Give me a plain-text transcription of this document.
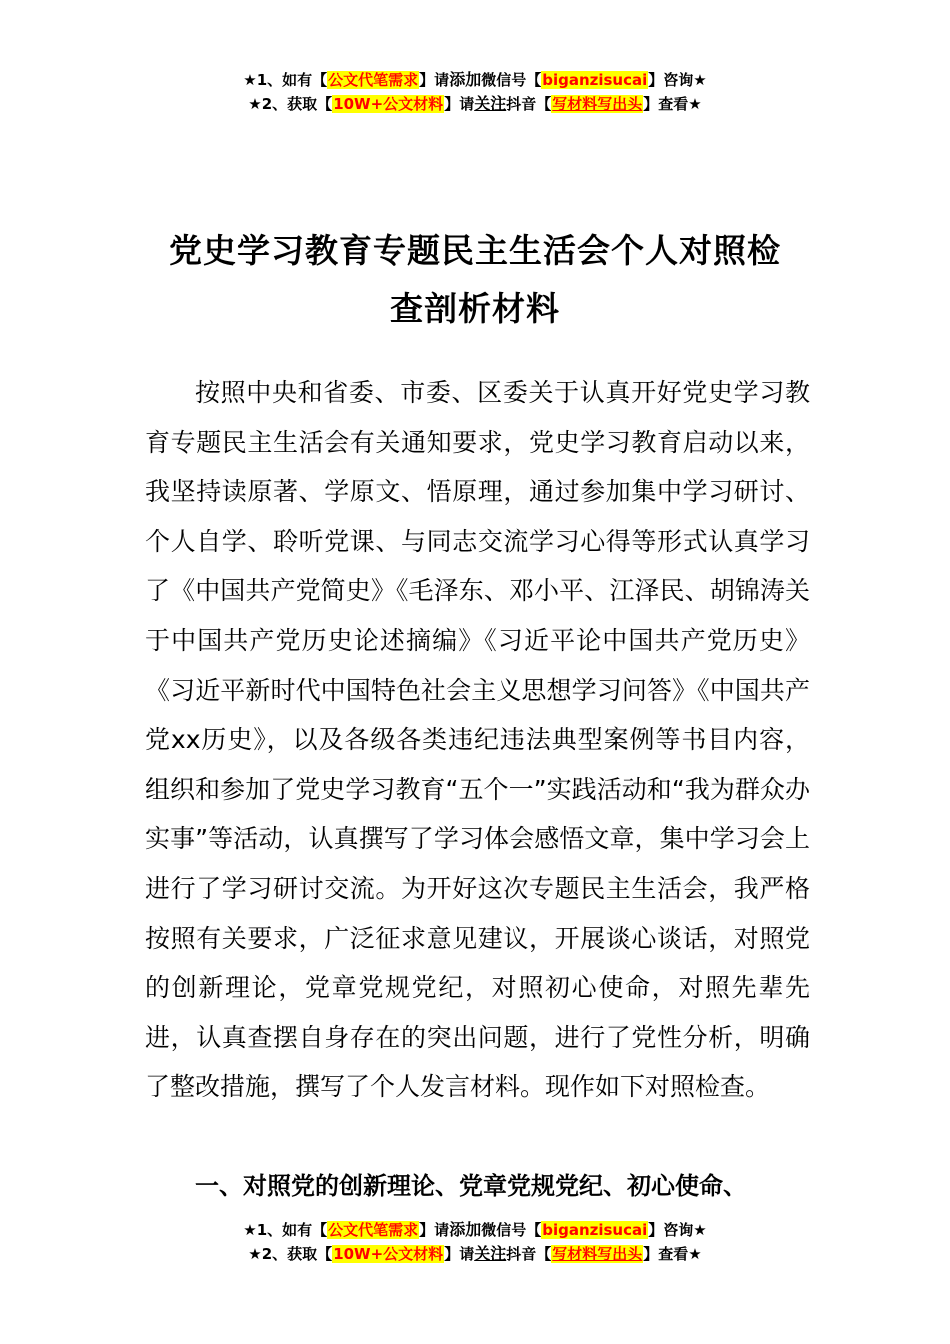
★1、如有【公文代笔需求】请添加微信号【biganzisucai】咨询★
★2、获取【10W+公文材料】请关注抖音【写材料写出头】查看★
党史学习教育专题民主生活会个人对照检
查剖析材料

按照中央和省委、市委、区委关于认真开好党史学习教育专题民主生活会有关通知要求，党史学习教育启动以来，我坚持读原著、学原文、悟原理，通过参加集中学习研讨、个人自学、聆听党课、与同志交流学习心得等形式认真学习了《中国共产党简史》《毛泽东、邓小平、江泽民、胡锦涛关于中国共产党历史论述摘编》《习近平论中国共产党历史》《习近平新时代中国特色社会主义思想学习问答》《中国共产党xx历史》，以及各级各类违纪违法典型案例等书目内容，组织和参加了党史学习教育“五个一”实践活动和“我为群众办实事”等活动，认真撰写了学习体会感悟文章，集中学习会上进行了学习研讨交流。为开好这次专题民主生活会，我严格按照有关要求，广泛征求意见建议，开展谈心谈话，对照党的创新理论，党章党规党纪，对照初心使命，对照先辈先进，认真查摆自身存在的突出问题，进行了党性分析，明确了整改措施，撰写了个人发言材料。现作如下对照检查。

一、对照党的创新理论、党章党规党纪、初心使命、
★1、如有【公文代笔需求】请添加微信号【biganzisucai】咨询★
★2、获取【10W+公文材料】请关注抖音【写材料写出头】查看★
